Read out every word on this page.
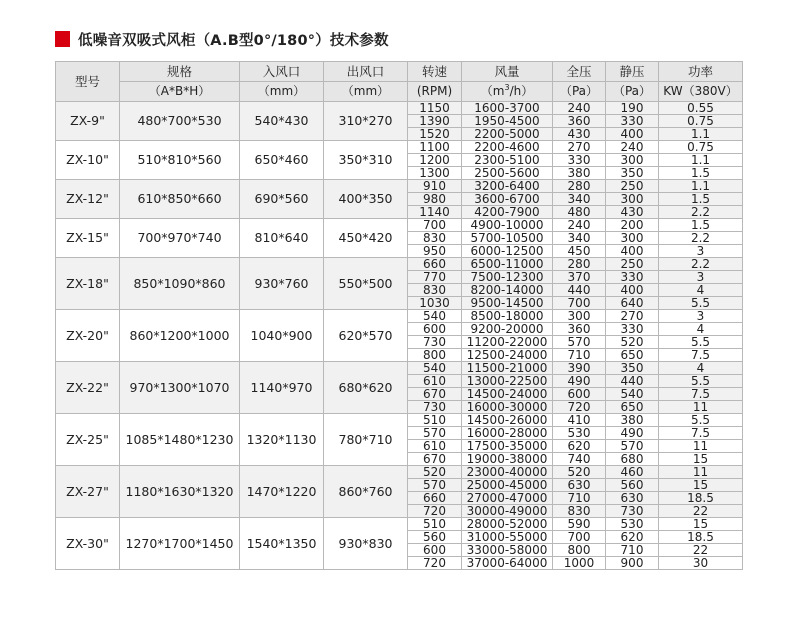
低噪音双吸式风柜（A.B型0°/180°）技术参数
型号	规格	入风口	出风口	转速	风量	全压	静压	功率
	（A*B*H）	（mm）	（mm）	(RPM)	$(m^3/h)$	（Pa）	（Pa）	KW（380V）
ZX-9"	480*700*530	540*430	310*270	1150	1600-3700	240	190	0.55
				1390	1950-4500	360	330	0.75
				1520	2200-5000	430	400	1.1
ZX-10"	510*810*560	650*460	350*310	1100	2200-4600	270	240	0.75
				1200	2300-5100	330	300	1.1
				1300	2500-5600	380	350	1.5
ZX-12"	610*850*660	690*560	400*350	910	3200-6400	280	250	1.1
				980	3600-6700	340	300	1.5
				1140	4200-7900	480	430	2.2
ZX-15"	700*970*740	810*640	450*420	700	4900-10000	240	200	1.5
				830	5700-10500	340	300	2.2
				950	6000-12500	450	400	3
ZX-18"	850*1090*860	930*760	550*500	660	6500-11000	280	250	2.2
				770	7500-12300	370	330	3
				830	8200-14000	440	400	4
				1030	9500-14500	700	640	5.5
ZX-20"	860*1200*1000	1040*900	620*570	540	8500-18000	300	270	3
				600	9200-20000	360	330	4
				730	11200-22000	570	520	5.5
				800	12500-24000	710	650	7.5
ZX-22"	970*1300*1070	1140*970	680*620	540	11500-21000	390	350	4
				610	13000-22500	490	440	5.5
				670	14500-24000	600	540	7.5
				730	16000-30000	720	650	11
ZX-25"	1085*1480*1230	1320*1130	780*710	510	14500-26000	410	380	5.5
				570	16000-28000	530	490	7.5
				610	17500-35000	620	570	11
				670	19000-38000	740	680	15
ZX-27"	1180*1630*1320	1470*1220	860*760	520	23000-40000	520	460	11
				570	25000-45000	630	560	15
				660	27000-47000	710	630	18.5
				720	30000-49000	830	730	22
ZX-30"	1270*1700*1450	1540*1350	930*830	510	28000-52000	590	530	15
				560	31000-55000	700	620	18.5
				600	33000-58000	800	710	22
				720	37000-64000	1000	900	30
